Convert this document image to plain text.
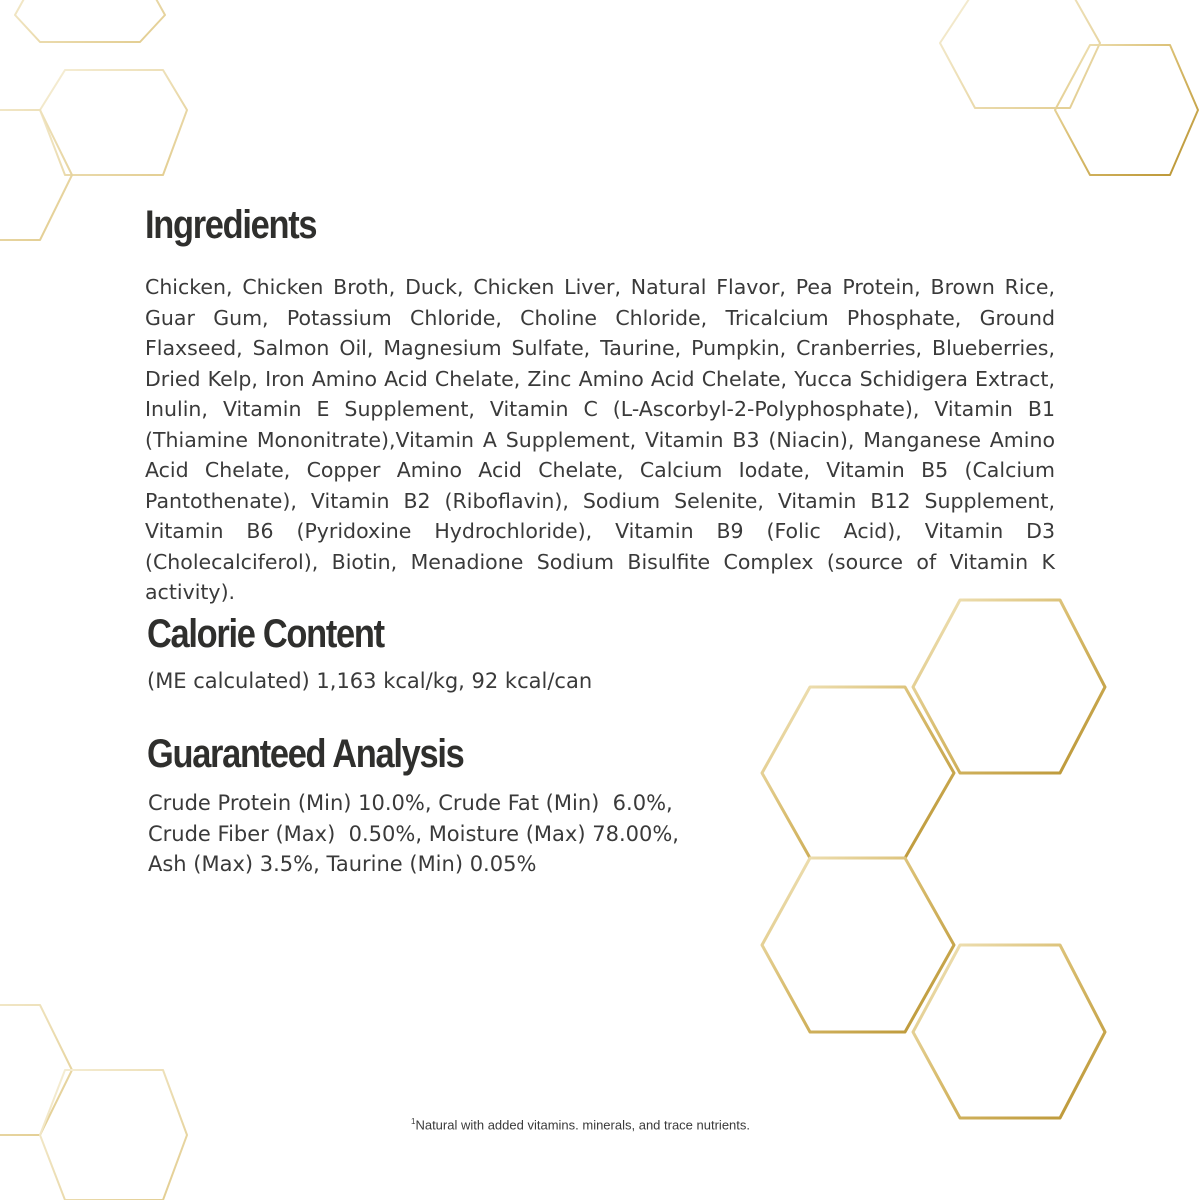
Ingredients

Chicken, Chicken Broth, Duck, Chicken Liver, Natural Flavor, Pea Protein, Brown Rice, Guar Gum, Potassium Chloride, Choline Chloride, Tricalcium Phosphate, Ground Flaxseed, Salmon Oil, Magnesium Sulfate, Taurine, Pumpkin, Cranberries, Blueberries, Dried Kelp, Iron Amino Acid Chelate, Zinc Amino Acid Chelate, Yucca Schidigera Extract, Inulin, Vitamin E Supplement, Vitamin C (L-Ascorbyl-2-Polyphosphate), Vitamin B1 (Thiamine Mononitrate),Vitamin A Supplement, Vitamin B3 (Niacin), Manganese Amino Acid Chelate, Copper Amino Acid Chelate, Calcium Iodate, Vitamin B5 (Calcium Pantothenate), Vitamin B2 (Riboflavin), Sodium Selenite, Vitamin B12 Supplement, Vitamin B6 (Pyridoxine Hydrochloride), Vitamin B9 (Folic Acid), Vitamin D3 (Cholecalciferol), Biotin, Menadione Sodium Bisulfite Complex (source of Vitamin K activity).

Calorie Content

(ME calculated) 1,163 kcal/kg, 92 kcal/can

Guaranteed Analysis
Crude Protein (Min) 10.0%, Crude Fat (Min)  6.0%,
Crude Fiber (Max)  0.50%, Moisture (Max) 78.00%,
Ash (Max) 3.5%, Taurine (Min) 0.05%
$^1$Natural with added vitamins. minerals, and trace nutrients.
